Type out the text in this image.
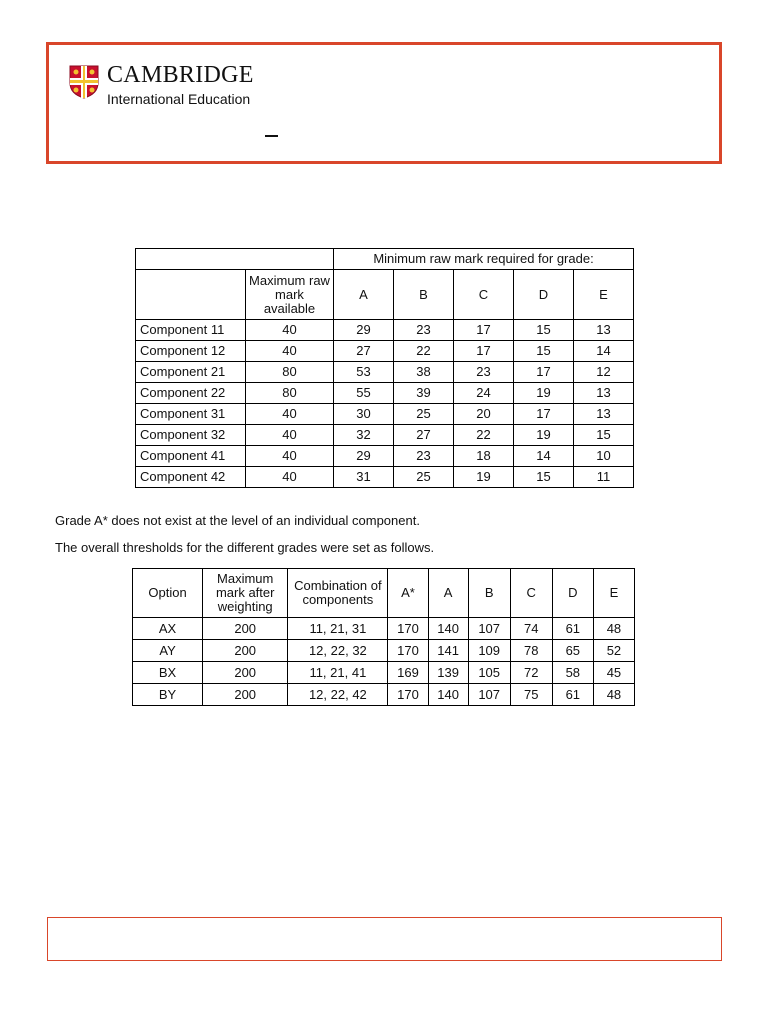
CAMBRIDGE
International Education
		Minimum raw mark required for grade:				
	Maximum raw mark available	A	B	C	D	E
Component 11	40	29	23	17	15	13
Component 12	40	27	22	17	15	14
Component 21	80	53	38	23	17	12
Component 22	80	55	39	24	19	13
Component 31	40	30	25	20	17	13
Component 32	40	32	27	22	19	15
Component 41	40	29	23	18	14	10
Component 42	40	31	25	19	15	11
Grade A* does not exist at the level of an individual component.
The overall thresholds for the different grades were set as follows.
Option	Maximum mark after weighting	Combination of components	A*	A	B	C	D	E
AX	200	11, 21, 31	170	140	107	74	61	48
AY	200	12, 22, 32	170	141	109	78	65	52
BX	200	11, 21, 41	169	139	105	72	58	45
BY	200	12, 22, 42	170	140	107	75	61	48
